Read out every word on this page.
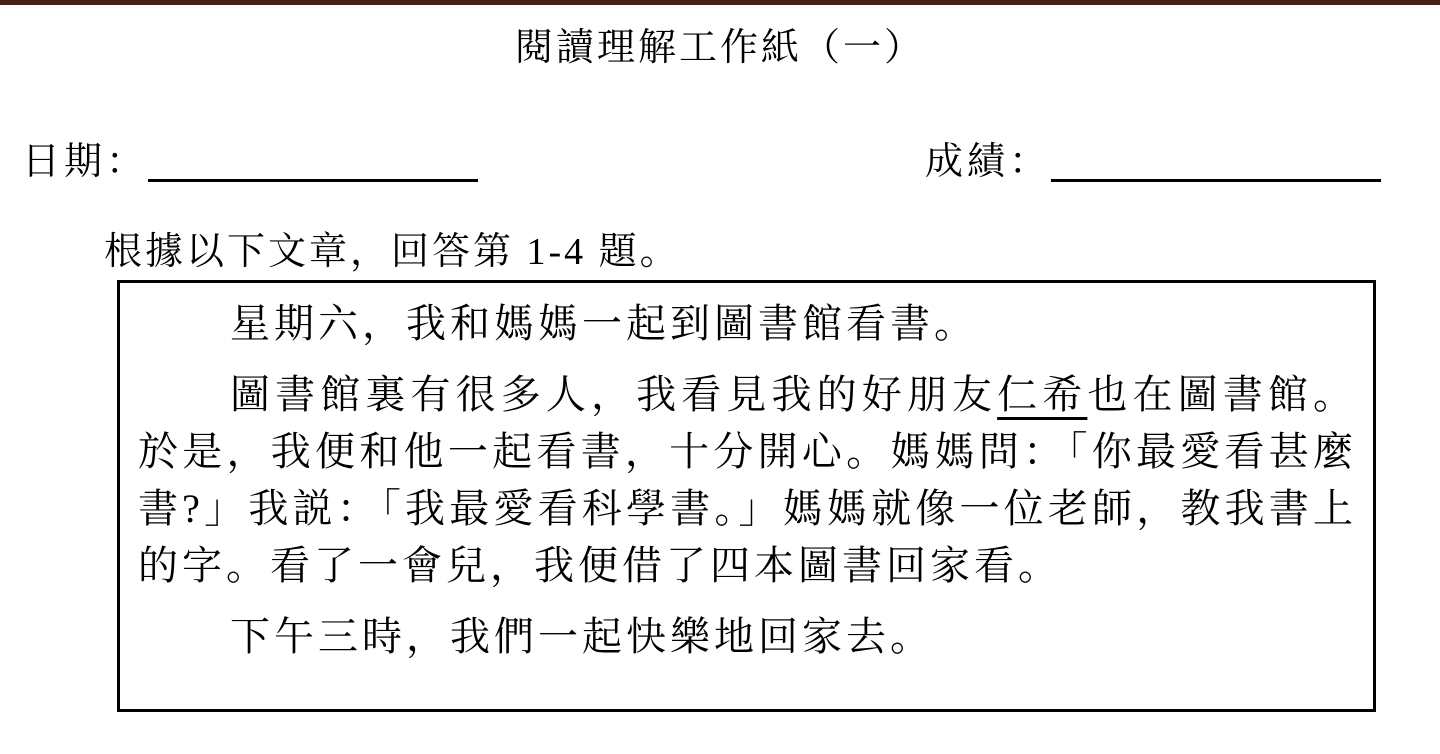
閱讀理解工作紙（一）
日期：	成績：

根據以下文章，回答第 1-4 題。

星期六，我和媽媽一起到圖書館看書。

圖書館裏有很多人，我看見我的好朋友仁希也在圖書館。於是，我便和他一起看書，十分開心。媽媽問：「你最愛看甚麼書?」我説：「我最愛看科學書。」媽媽就像一位老師，教我書上的字。看了一會兒，我便借了四本圖書回家看。

下午三時，我們一起快樂地回家去。
